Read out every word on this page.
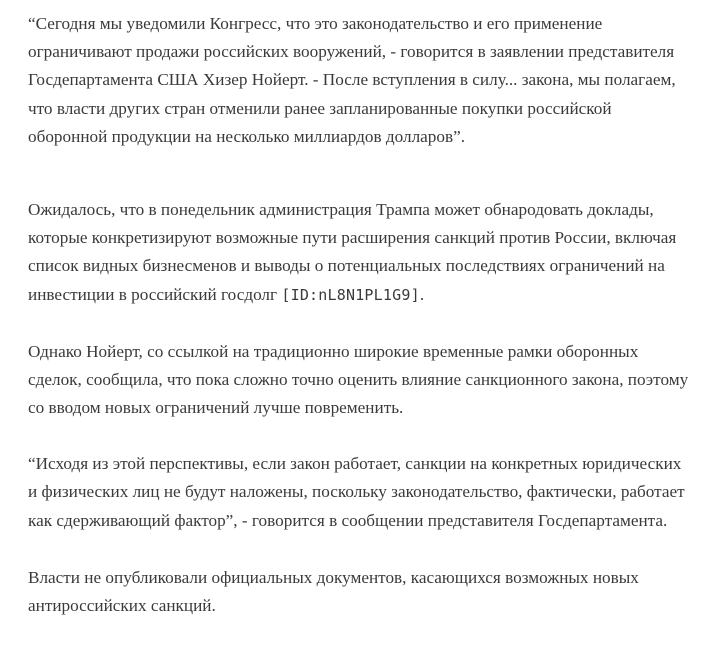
“Сегодня мы уведомили Конгресс, что это законодательство и его применение
ограничивают продажи российских вооружений, - говорится в заявлении представителя
Госдепартамента США Хизер Нойерт. - После вступления в силу... закона, мы полагаем,
что власти других стран отменили ранее запланированные покупки российской
оборонной продукции на несколько миллиардов долларов”.

Ожидалось, что в понедельник администрация Трампа может обнародовать доклады,
которые конкретизируют возможные пути расширения санкций против России, включая
список видных бизнесменов и выводы о потенциальных последствиях ограничений на
инвестиции в российский госдолг [ID:nL8N1PL1G9].

Однако Нойерт, со ссылкой на традиционно широкие временные рамки оборонных
сделок, сообщила, что пока сложно точно оценить влияние санкционного закона, поэтому
со вводом новых ограничений лучше повременить.

“Исходя из этой перспективы, если закон работает, санкции на конкретных юридических
и физических лиц не будут наложены, поскольку законодательство, фактически, работает
как сдерживающий фактор”, - говорится в сообщении представителя Госдепартамента.

Власти не опубликовали официальных документов, касающихся возможных новых
антироссийских санкций.
